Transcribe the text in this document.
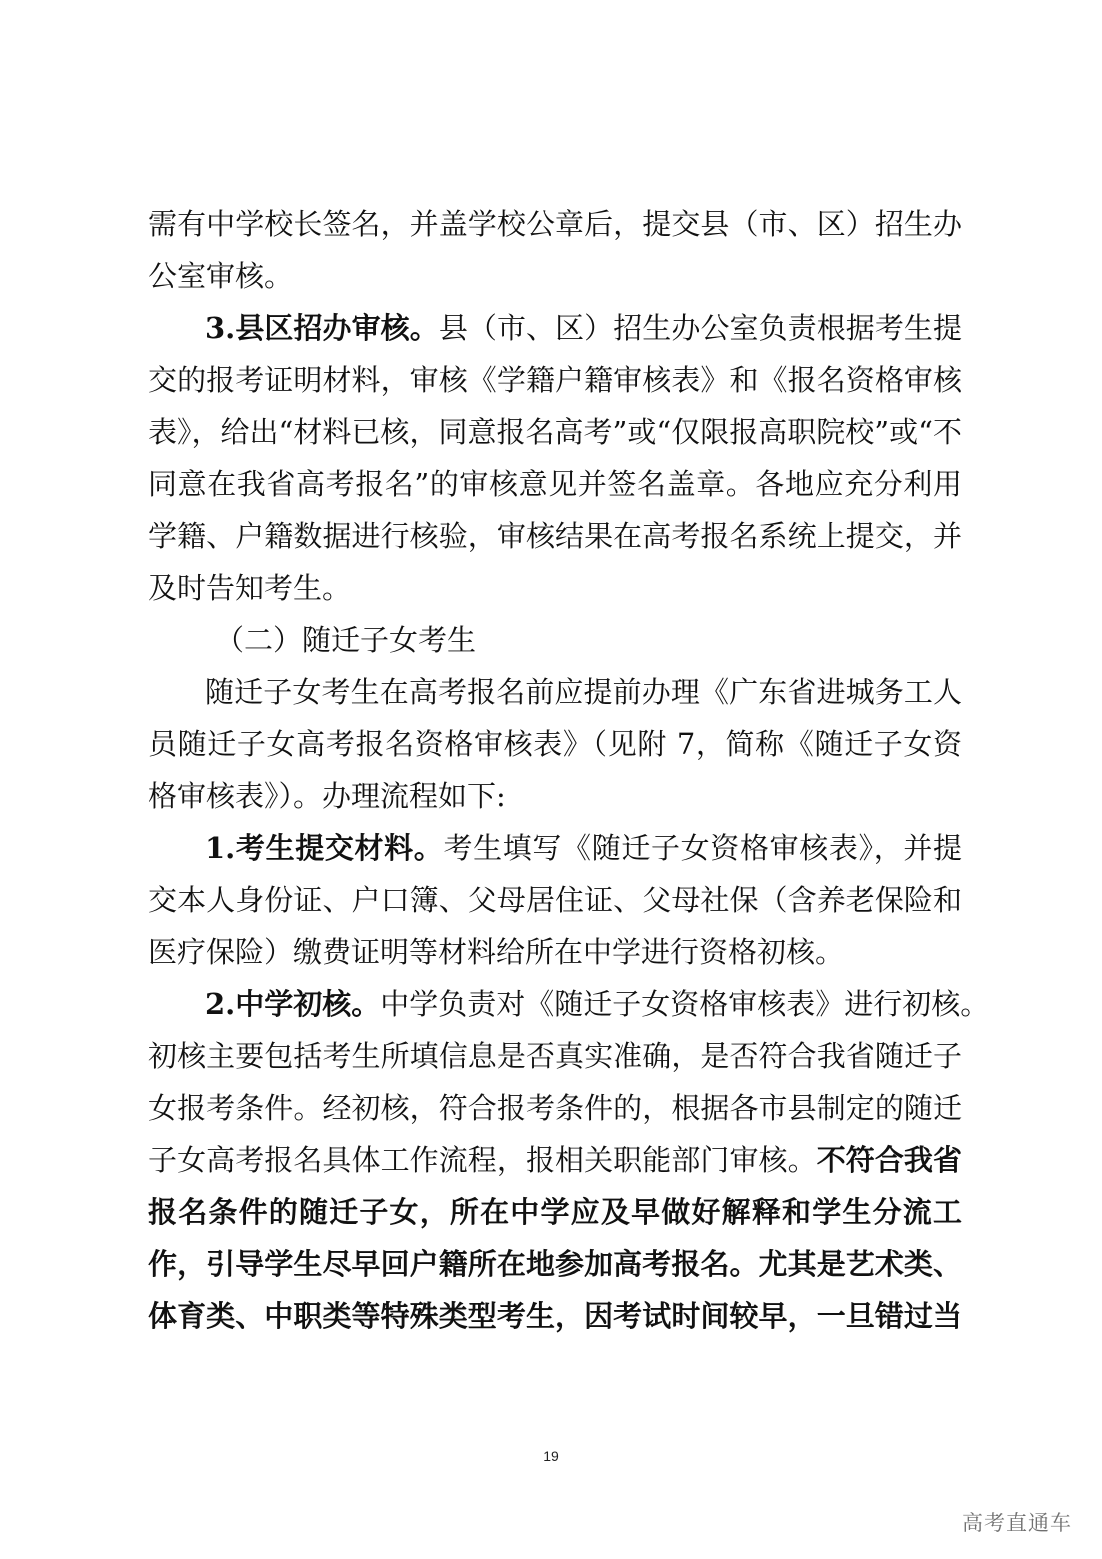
需有中学校长签名，并盖学校公章后，提交县（市、区）招生办
公室审核。
3.县区招办审核。县（市、区）招生办公室负责根据考生提
交的报考证明材料，审核《学籍户籍审核表》和《报名资格审核
表》，给出“材料已核，同意报名高考”或“仅限报高职院校”或“不
同意在我省高考报名”的审核意见并签名盖章。各地应充分利用
学籍、户籍数据进行核验，审核结果在高考报名系统上提交，并
及时告知考生。
（二）随迁子女考生
随迁子女考生在高考报名前应提前办理《广东省进城务工人
员随迁子女高考报名资格审核表》（见附 7，简称《随迁子女资
格审核表》）。办理流程如下:
1.考生提交材料。考生填写《随迁子女资格审核表》，并提
交本人身份证、户口簿、父母居住证、父母社保（含养老保险和
医疗保险）缴费证明等材料给所在中学进行资格初核。
2.中学初核。中学负责对《随迁子女资格审核表》进行初核。
初核主要包括考生所填信息是否真实准确，是否符合我省随迁子
女报考条件。经初核，符合报考条件的，根据各市县制定的随迁
子女高考报名具体工作流程，报相关职能部门审核。不符合我省
报名条件的随迁子女，所在中学应及早做好解释和学生分流工
作，引导学生尽早回户籍所在地参加高考报名。尤其是艺术类、
体育类、中职类等特殊类型考生，因考试时间较早，一旦错过当
19
高考直通车
